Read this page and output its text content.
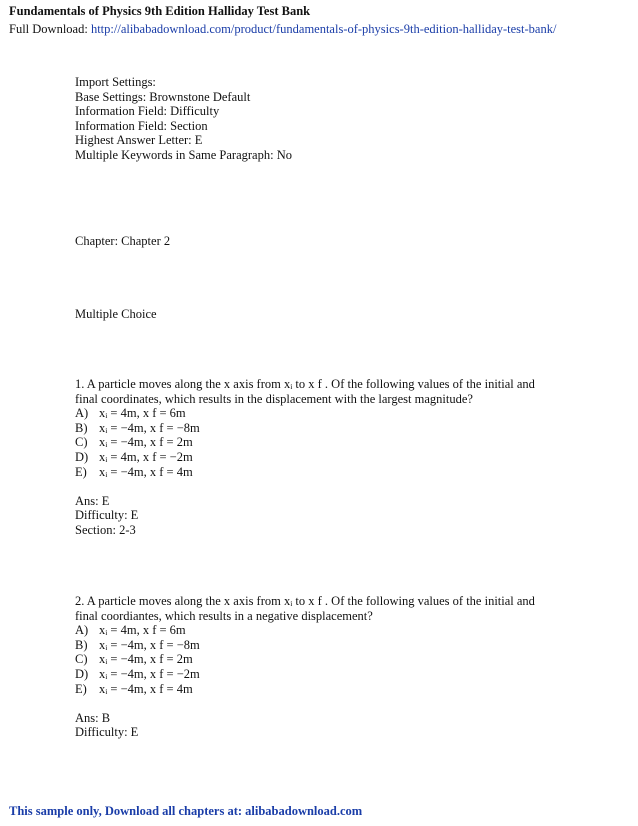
Fundamentals of Physics 9th Edition Halliday Test Bank
Full Download: http://alibabadownload.com/product/fundamentals-of-physics-9th-edition-halliday-test-bank/
Import Settings:
Base Settings: Brownstone Default
Information Field: Difficulty
Information Field: Section
Highest Answer Letter: E
Multiple Keywords in Same Paragraph: No
Chapter: Chapter 2
Multiple Choice
1. A particle moves along the x axis from xᵢ to x f . Of the following values of the initial and
final coordinates, which results in the displacement with the largest magnitude?
A) xᵢ = 4m, x f = 6m
B) xᵢ = −4m, x f = −8m
C) xᵢ = −4m, x f = 2m
D) xᵢ = 4m, x f = −2m
E) xᵢ = −4m, x f = 4m
Ans: E
Difficulty: E
Section: 2-3
2. A particle moves along the x axis from xᵢ to x f . Of the following values of the initial and
final coordiantes, which results in a negative displacement?
A) xᵢ = 4m, x f = 6m
B) xᵢ = −4m, x f = −8m
C) xᵢ = −4m, x f = 2m
D) xᵢ = −4m, x f = −2m
E) xᵢ = −4m, x f = 4m
Ans: B
Difficulty: E
This sample only, Download all chapters at: alibabadownload.com
